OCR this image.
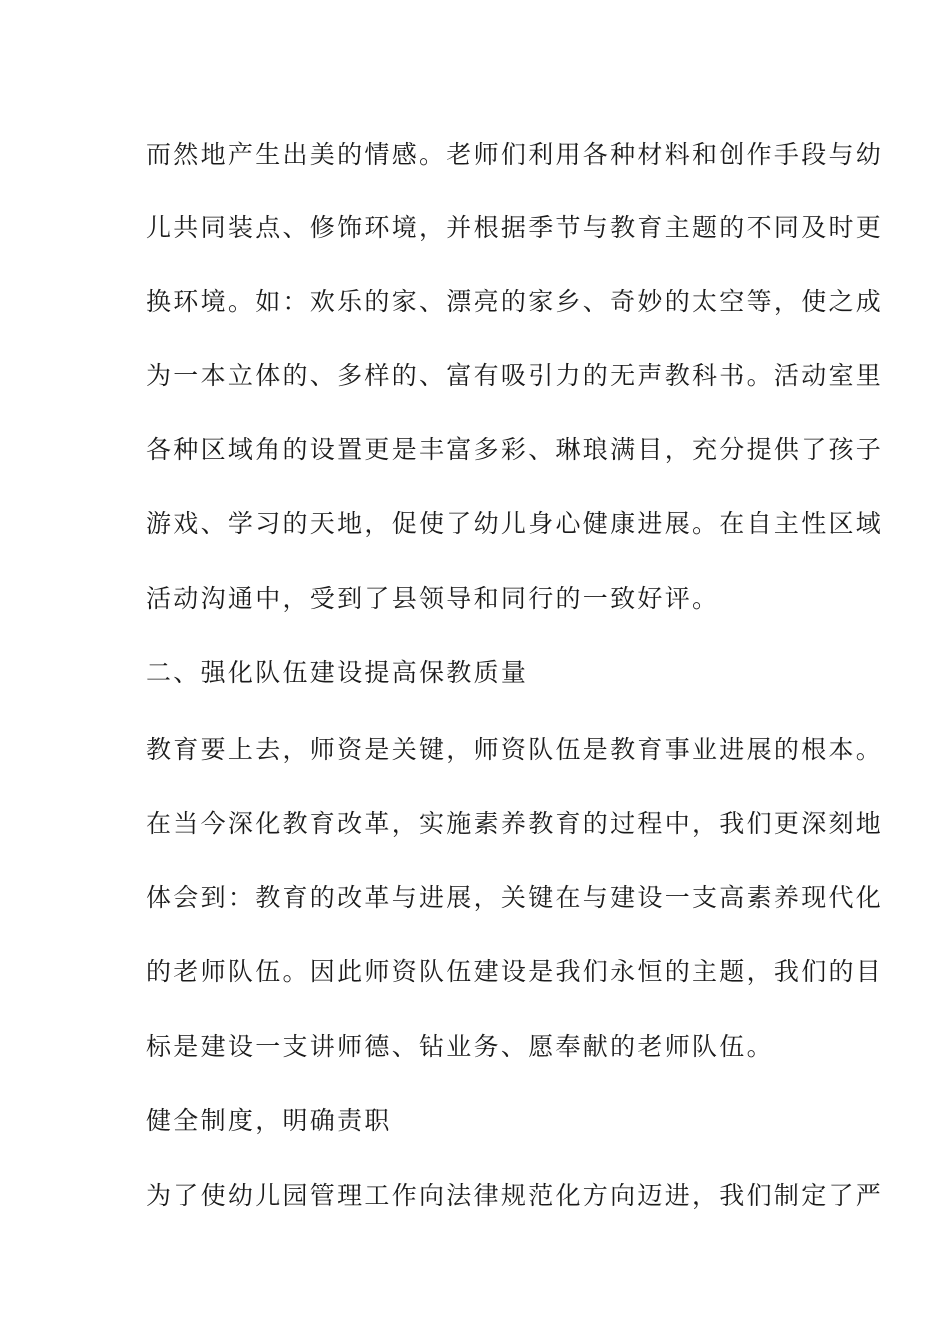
而然地产生出美的情感。老师们利用各种材料和创作手段与幼
儿共同装点、修饰环境，并根据季节与教育主题的不同及时更
换环境。如：欢乐的家、漂亮的家乡、奇妙的太空等，使之成
为一本立体的、多样的、富有吸引力的无声教科书。活动室里
各种区域角的设置更是丰富多彩、琳琅满目，充分提供了孩子
游戏、学习的天地，促使了幼儿身心健康进展。在自主性区域
活动沟通中，受到了县领导和同行的一致好评。
二、强化队伍建设提高保教质量
教育要上去，师资是关键，师资队伍是教育事业进展的根本。
在当今深化教育改革，实施素养教育的过程中，我们更深刻地
体会到：教育的改革与进展，关键在与建设一支高素养现代化
的老师队伍。因此师资队伍建设是我们永恒的主题，我们的目
标是建设一支讲师德、钻业务、愿奉献的老师队伍。
健全制度，明确责职
为了使幼儿园管理工作向法律规范化方向迈进，我们制定了严
